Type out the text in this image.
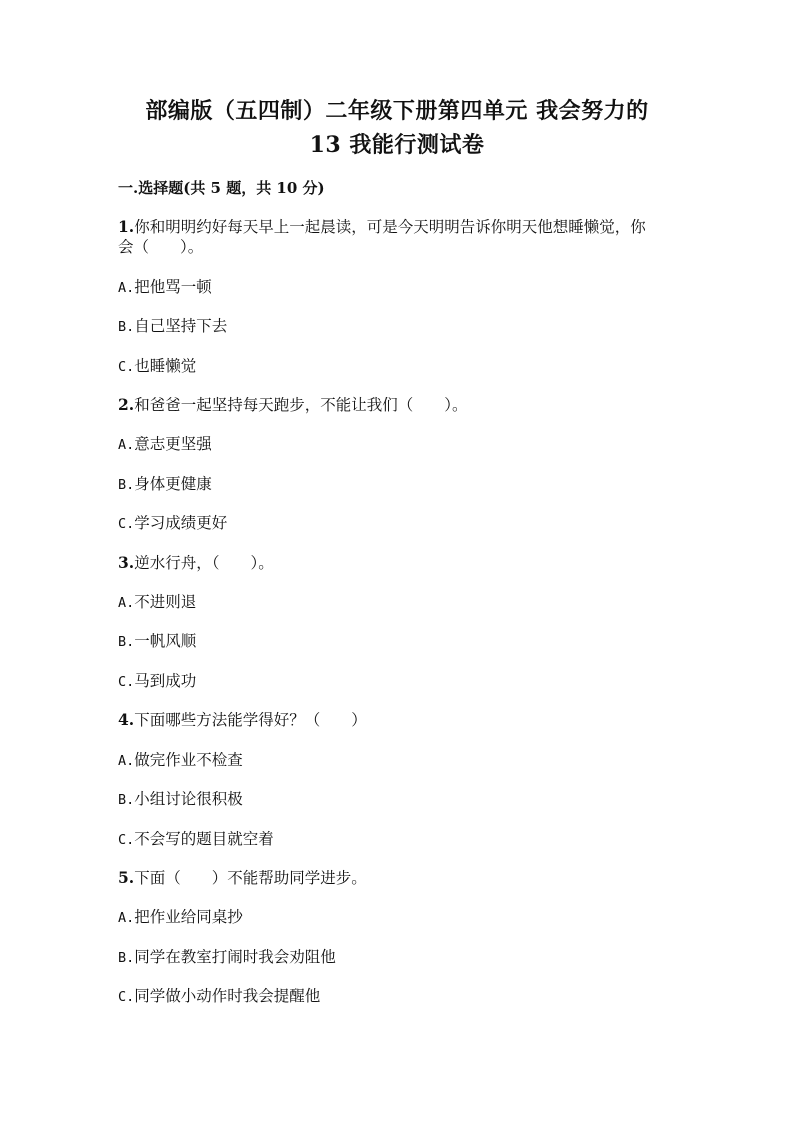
部编版（五四制）二年级下册第四单元 我会努力的
13 我能行测试卷
一.选择题(共 5 题，共 10 分)
1.你和明明约好每天早上一起晨读，可是今天明明告诉你明天他想睡懒觉，你
会（　　）。
A.把他骂一顿
B.自己坚持下去
C.也睡懒觉
2.和爸爸一起坚持每天跑步，不能让我们（　　）。
A.意志更坚强
B.身体更健康
C.学习成绩更好
3.逆水行舟，（　　）。
A.不进则退
B.一帆风顺
C.马到成功
4.下面哪些方法能学得好？（　　）
A.做完作业不检查
B.小组讨论很积极
C.不会写的题目就空着
5.下面（　　）不能帮助同学进步。
A.把作业给同桌抄
B.同学在教室打闹时我会劝阻他
C.同学做小动作时我会提醒他
